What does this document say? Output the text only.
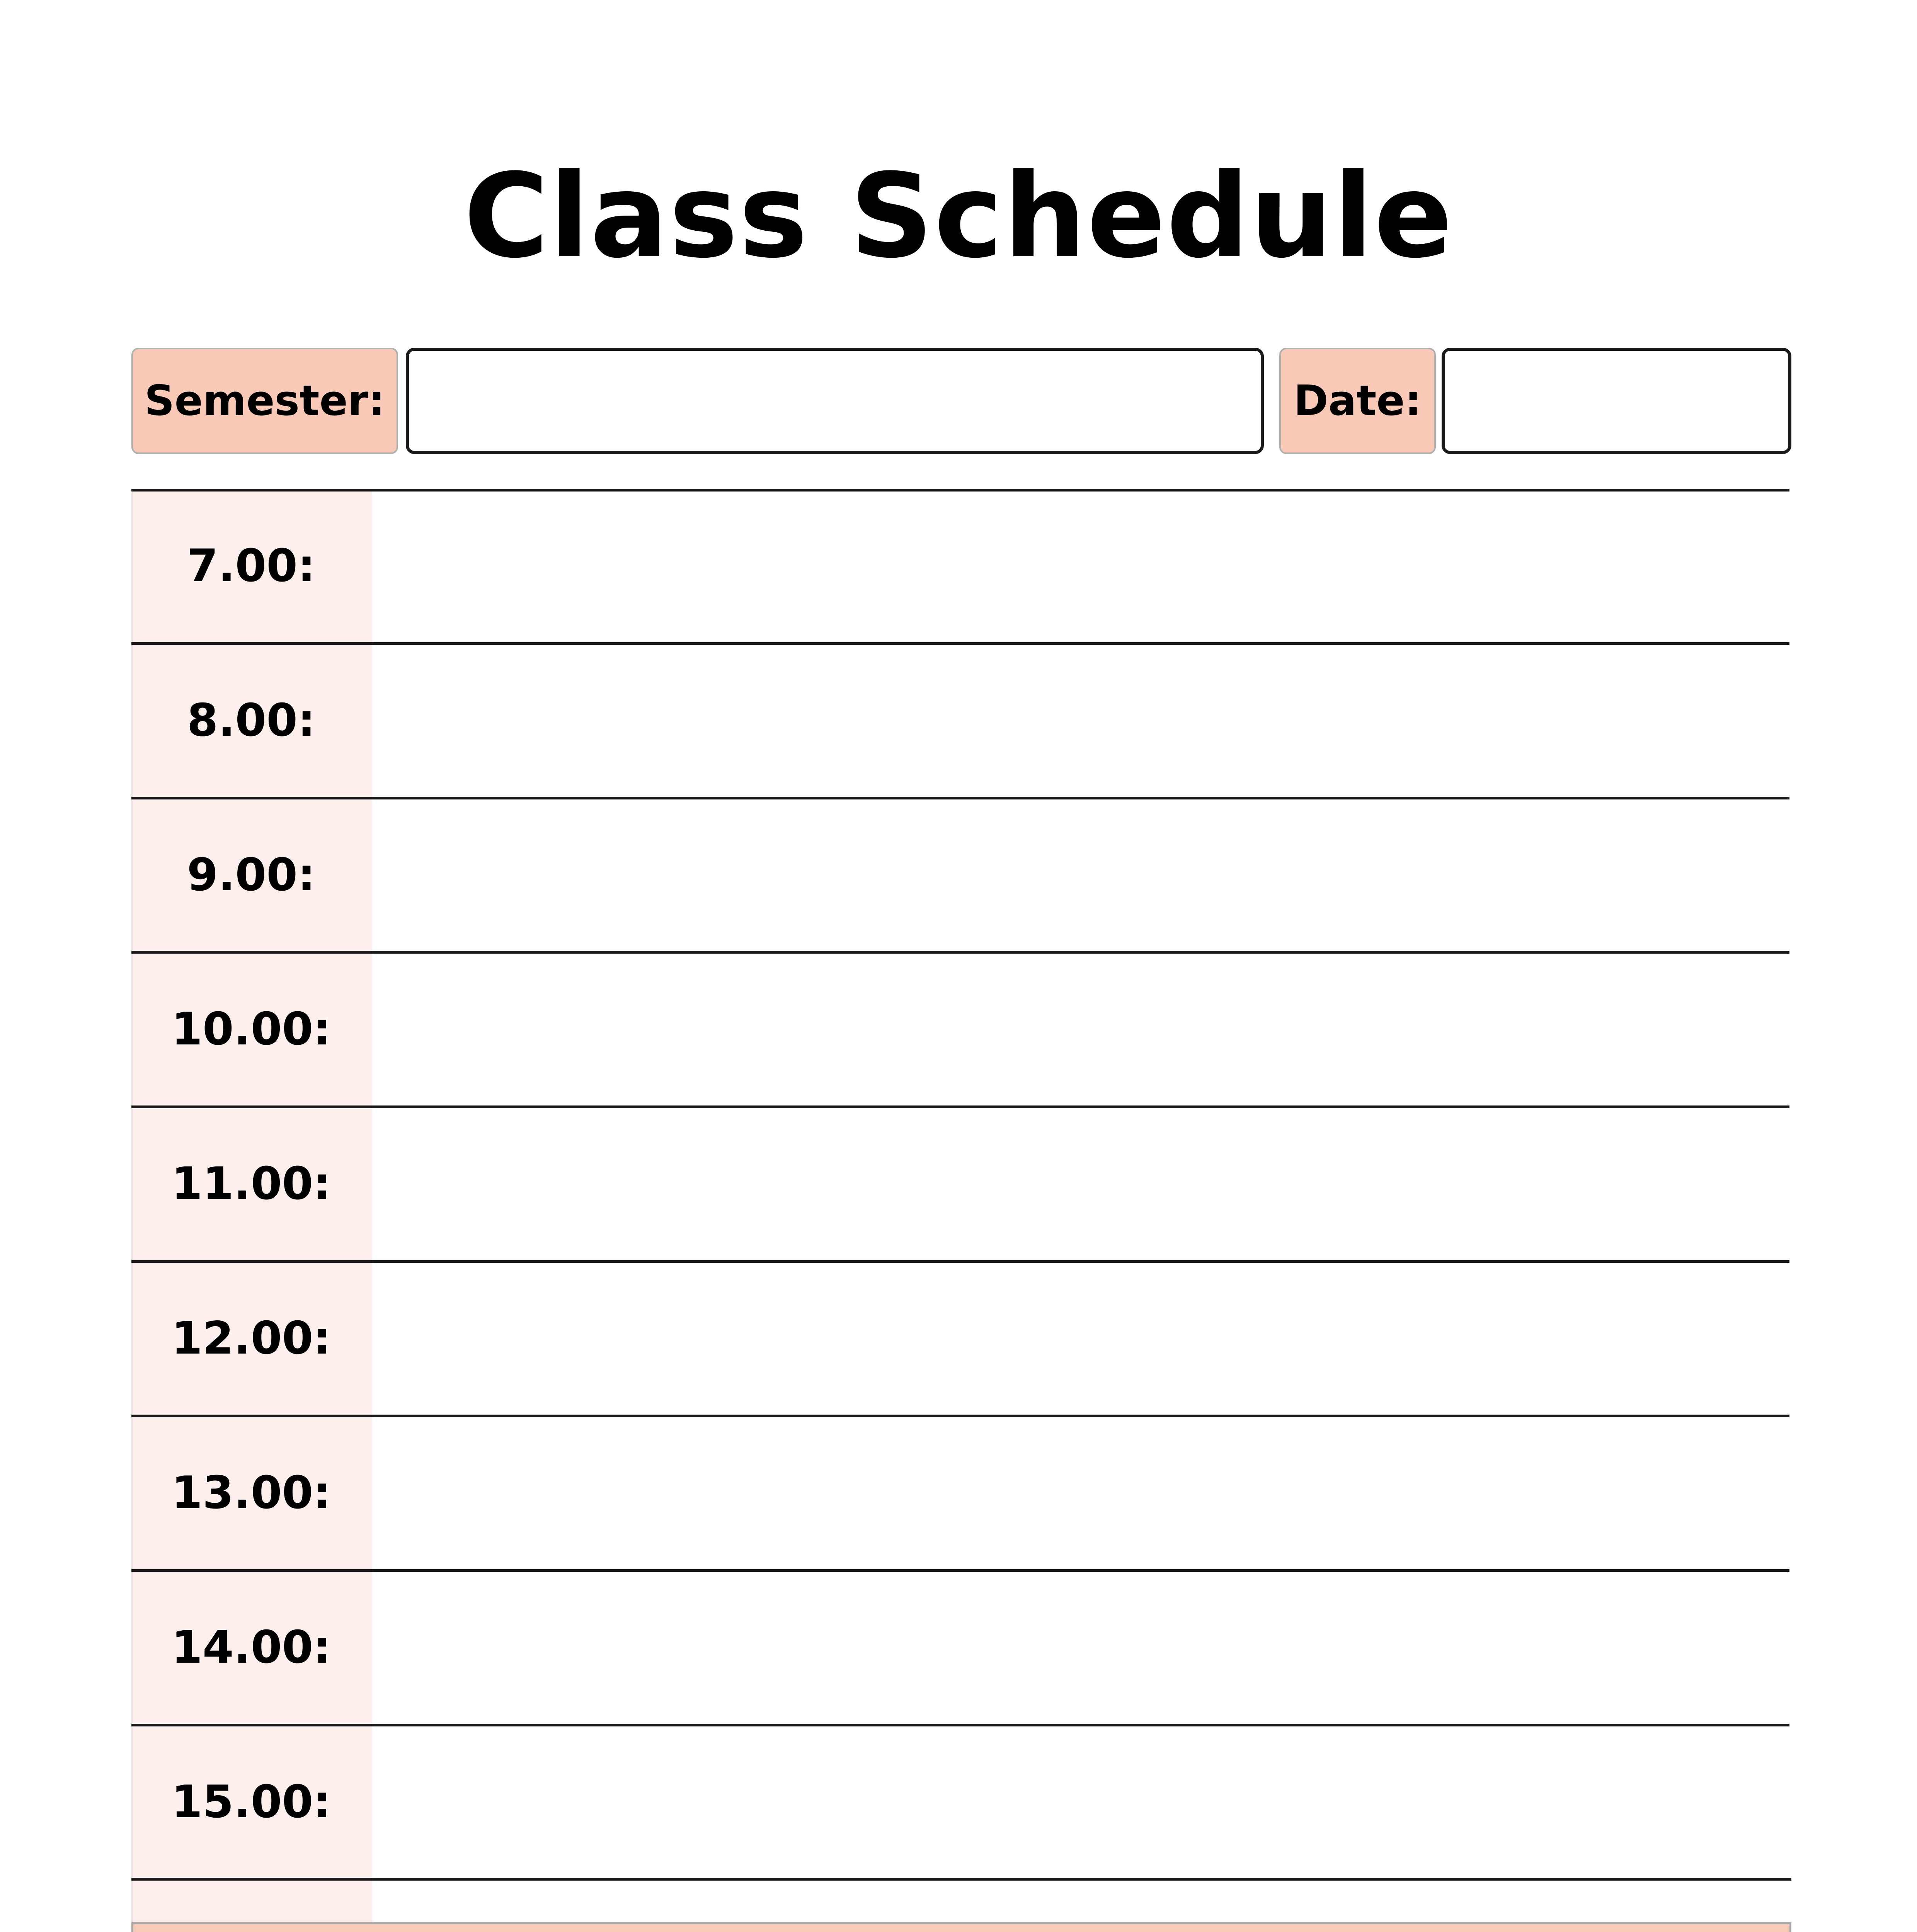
Class Schedule
Semester:	Date:
7.00:
8.00:
9.00:
10.00:
11.00:
12.00:
13.00:
14.00:
15.00:
